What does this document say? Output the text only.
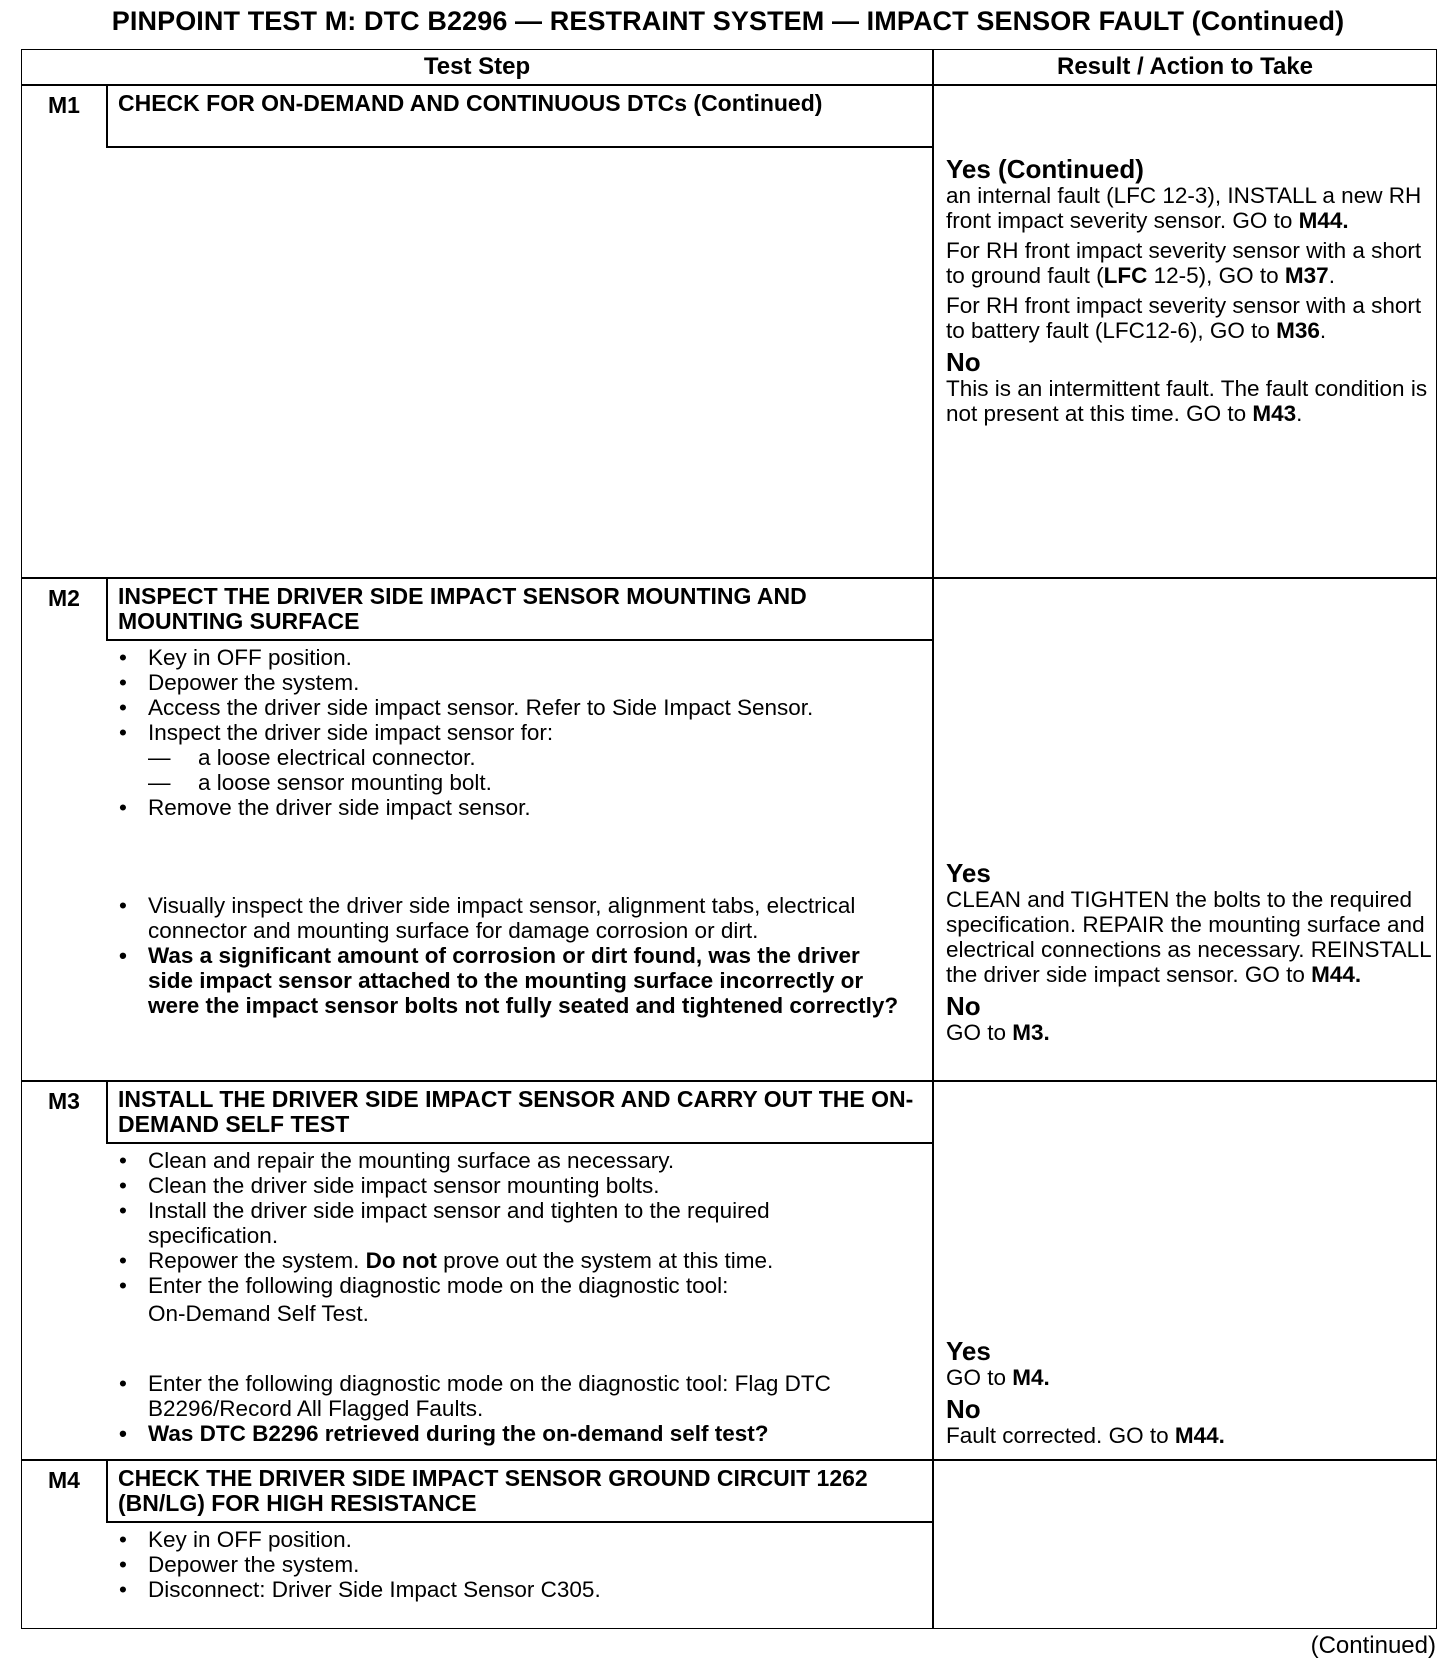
PINPOINT TEST M: DTC B2296 — RESTRAINT SYSTEM — IMPACT SENSOR FAULT (Continued)
Test Step	Result / Action to Take
M1	CHECK FOR ON-DEMAND AND CONTINUOUS DTCs (Continued)
Yes (Continued)
an internal fault (LFC 12-3), INSTALL a new RH front impact severity sensor. GO to M44.
For RH front impact severity sensor with a short to ground fault (LFC 12-5), GO to M37.
For RH front impact severity sensor with a short to battery fault (LFC12-6), GO to M36.
No
This is an intermittent fault. The fault condition is not present at this time. GO to M43.
M2	INSPECT THE DRIVER SIDE IMPACT SENSOR MOUNTING AND MOUNTING SURFACE
• Key in OFF position.
• Depower the system.
• Access the driver side impact sensor. Refer to Side Impact Sensor.
• Inspect the driver side impact sensor for:
— a loose electrical connector.
— a loose sensor mounting bolt.
• Remove the driver side impact sensor.
• Visually inspect the driver side impact sensor, alignment tabs, electrical connector and mounting surface for damage corrosion or dirt.
• Was a significant amount of corrosion or dirt found, was the driver side impact sensor attached to the mounting surface incorrectly or were the impact sensor bolts not fully seated and tightened correctly?
Yes
CLEAN and TIGHTEN the bolts to the required specification. REPAIR the mounting surface and electrical connections as necessary. REINSTALL the driver side impact sensor. GO to M44.
No
GO to M3.
M3	INSTALL THE DRIVER SIDE IMPACT SENSOR AND CARRY OUT THE ON-DEMAND SELF TEST
• Clean and repair the mounting surface as necessary.
• Clean the driver side impact sensor mounting bolts.
• Install the driver side impact sensor and tighten to the required specification.
• Repower the system. Do not prove out the system at this time.
• Enter the following diagnostic mode on the diagnostic tool:
On-Demand Self Test.
• Enter the following diagnostic mode on the diagnostic tool: Flag DTC B2296/Record All Flagged Faults.
• Was DTC B2296 retrieved during the on-demand self test?
Yes
GO to M4.
No
Fault corrected. GO to M44.
M4	CHECK THE DRIVER SIDE IMPACT SENSOR GROUND CIRCUIT 1262 (BN/LG) FOR HIGH RESISTANCE
• Key in OFF position.
• Depower the system.
• Disconnect: Driver Side Impact Sensor C305.
(Continued)
